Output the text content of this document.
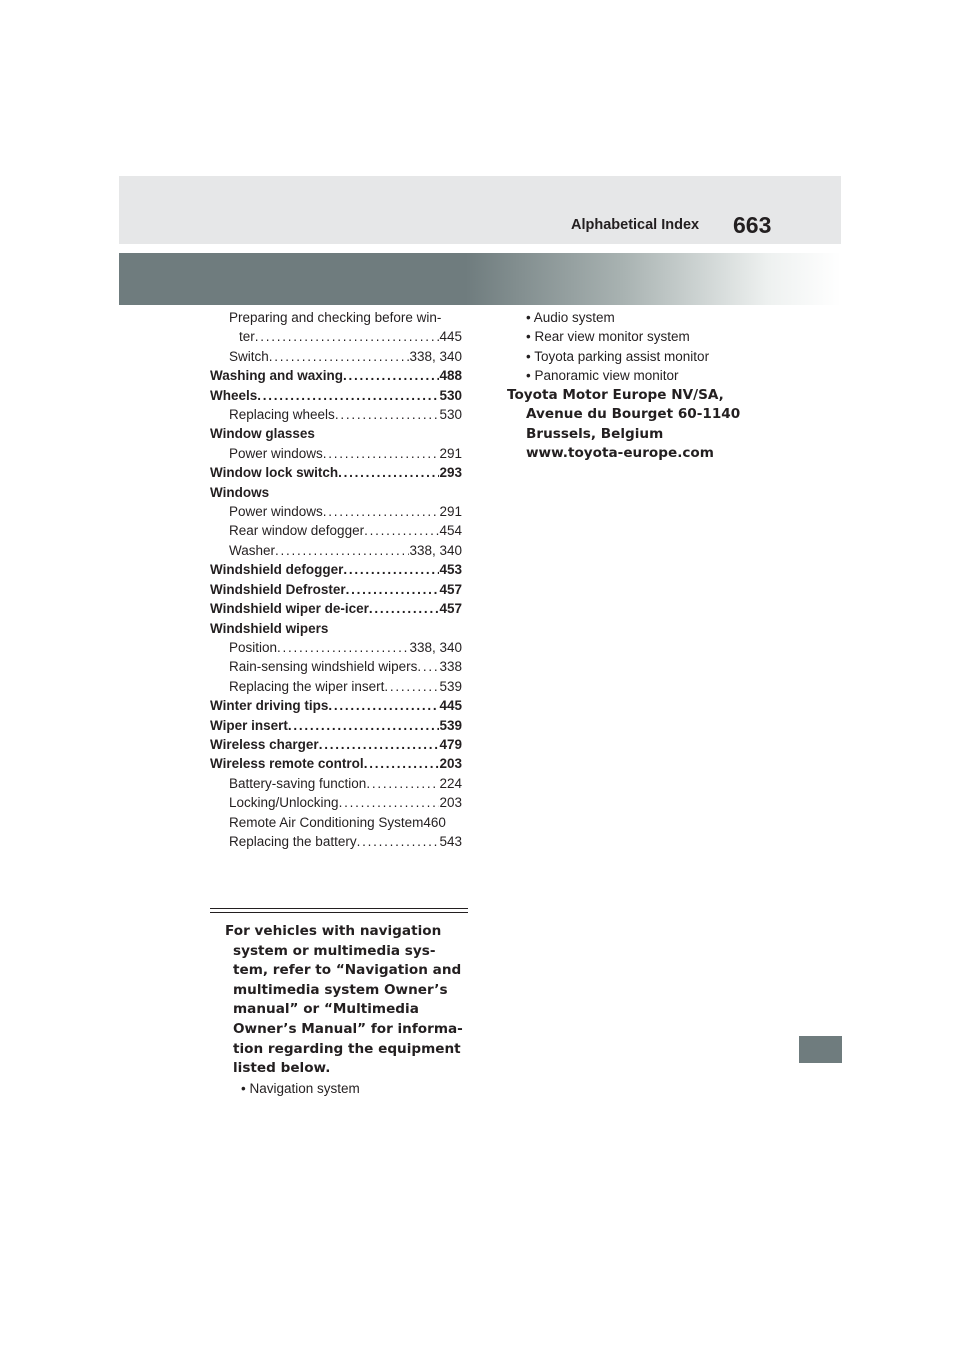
Alphabetical Index 663
Preparing and checking before win-
ter . . .	445
Switch . . .	338, 340
Washing and waxing . . .	488
Wheels . . .	530
Replacing wheels . . .	530
Window glasses
Power windows . . .	291
Window lock switch . . .	293
Windows
Power windows . . .	291
Rear window defogger . . .	454
Washer . . .	338, 340
Windshield defogger . . .	453
Windshield Defroster . . .	457
Windshield wiper de-icer . . .	457
Windshield wipers
Position . . .	338, 340
Rain-sensing windshield wipers . . . 338
Replacing the wiper insert . . .	539
Winter driving tips . . .	445
Wiper insert . . .	539
Wireless charger . . .	479
Wireless remote control . . .	203
Battery-saving function . . .	224
Locking/Unlocking . . .	203
Remote Air Conditioning System460
Replacing the battery . . .	543
For vehicles with navigation system or multimedia sys-tem, refer to “Navigation and multimedia system Owner’s manual” or “Multimedia Owner’s Manual” for informa-tion regarding the equipment listed below.
• Navigation system
• Audio system
• Rear view monitor system
• Toyota parking assist monitor
• Panoramic view monitor
Toyota Motor Europe NV/SA,
Avenue du Bourget 60-1140
Brussels, Belgium
www.toyota-europe.com
